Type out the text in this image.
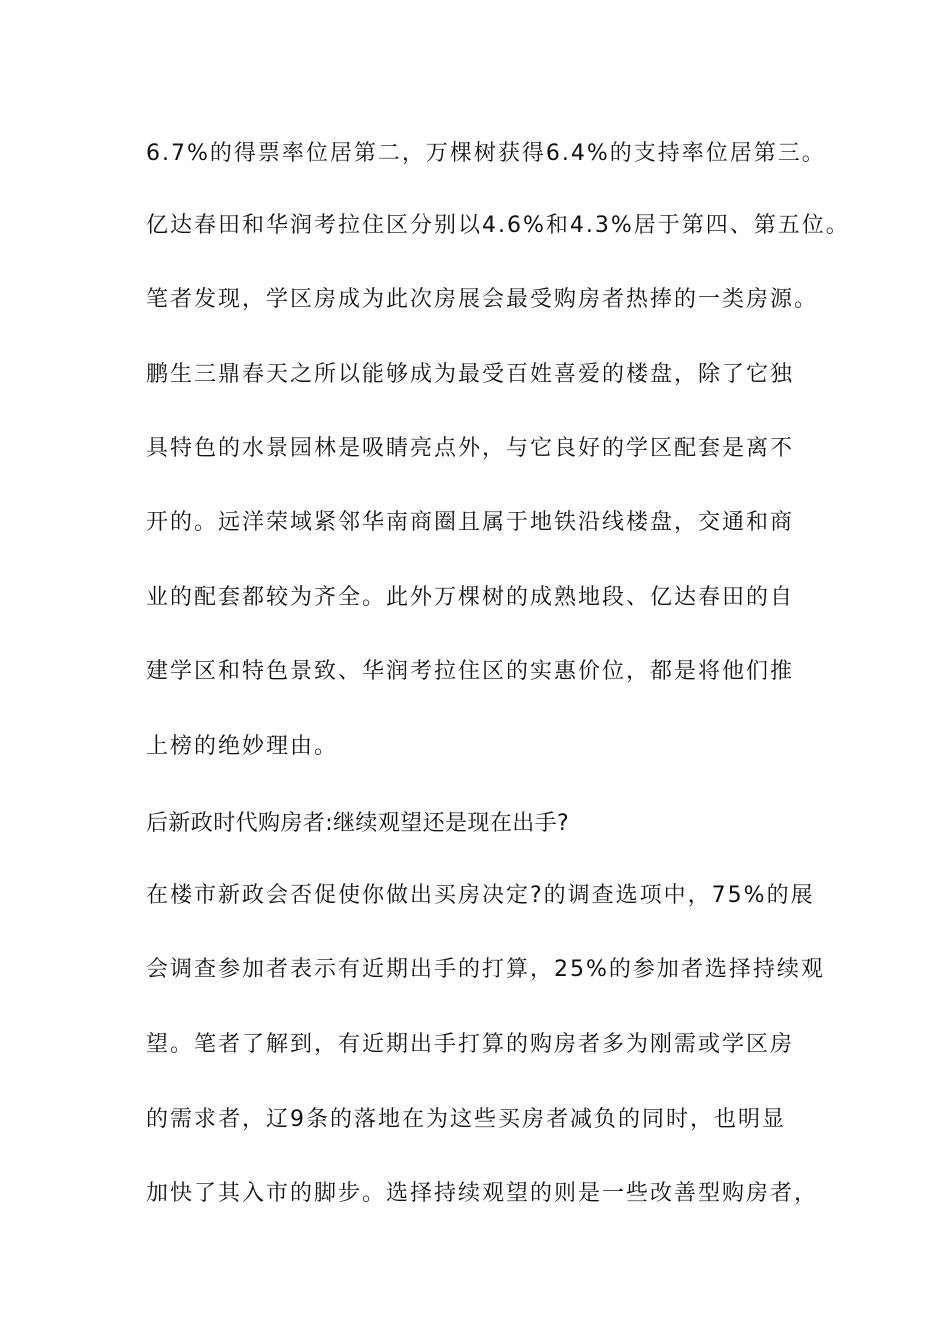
6.7%的得票率位居第二，万棵树获得6.4%的支持率位居第三。
亿达春田和华润考拉住区分别以4.6%和4.3%居于第四、第五位。
笔者发现，学区房成为此次房展会最受购房者热捧的一类房源。
鹏生三鼎春天之所以能够成为最受百姓喜爱的楼盘，除了它独
具特色的水景园林是吸睛亮点外，与它良好的学区配套是离不
开的。远洋荣域紧邻华南商圈且属于地铁沿线楼盘，交通和商
业的配套都较为齐全。此外万棵树的成熟地段、亿达春田的自
建学区和特色景致、华润考拉住区的实惠价位，都是将他们推
上榜的绝妙理由。
后新政时代购房者:继续观望还是现在出手?
在楼市新政会否促使你做出买房决定?的调查选项中，75%的展
会调查参加者表示有近期出手的打算，25%的参加者选择持续观
望。笔者了解到，有近期出手打算的购房者多为刚需或学区房
的需求者，辽9条的落地在为这些买房者减负的同时，也明显
加快了其入市的脚步。选择持续观望的则是一些改善型购房者，
